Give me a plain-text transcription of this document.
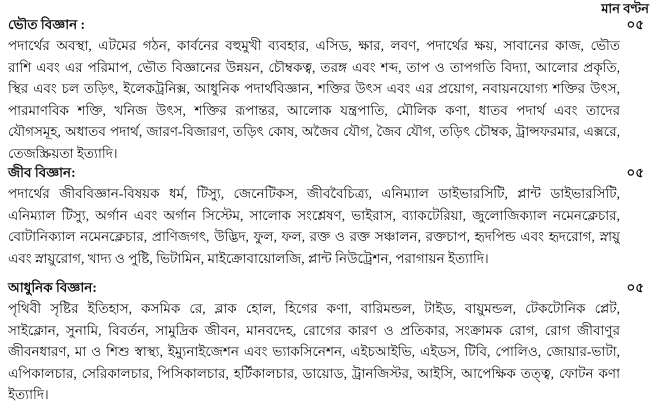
মান বণ্টন
ভৌত বিজ্ঞান :	০৫
পদার্থের অবস্থা, এটমের গঠন, কার্বনের বহুমুখী ব্যবহার, এসিড, ক্ষার, লবণ, পদার্থের ক্ষয়, সাবানের কাজ, ভৌত
রাশি এবং এর পরিমাপ, ভৌত বিজ্ঞানের উন্নয়ন, চৌম্বকত্ব, তরঙ্গ এবং শব্দ, তাপ ও তাপগতি বিদ্যা, আলোর প্রকৃতি,
স্থির এবং চল তড়িৎ, ইলেকট্রনিক্স, আধুনিক পদার্থবিজ্ঞান, শক্তির উৎস এবং এর প্রয়োগ, নবায়নযোগ্য শক্তির উৎস,
পারমাণবিক শক্তি, খনিজ উৎস, শক্তির রূপান্তর, আলোক যন্ত্রপাতি, মৌলিক কণা, ধাতব পদার্থ এবং তাদের
যৌগসমূহ, অধাতব পদার্থ, জারণ-বিজারণ, তড়িৎ কোষ, অজৈব যৌগ, জৈব যৌগ, তড়িৎ চৌম্বক, ট্রান্সফরমার, এক্সরে,
তেজস্ক্রিয়তা ইত্যাদি।
জীব বিজ্ঞান:	০৫
পদার্থের জীববিজ্ঞান-বিষয়ক ধর্ম, টিস্যু, জেনেটিকস, জীববৈচিত্র্য, এনিম্যাল ডাইভারসিটি, প্লান্ট ডাইভারসিটি,
এনিম্যাল টিস্যু, অর্গান এবং অর্গান সিস্টেম, সালোক সংশ্লেষণ, ভাইরাস, ব্যাকটেরিয়া, জুলোজিক্যাল নমেনক্লেচার,
বোটানিক্যাল নমেনক্লেচার, প্রাণিজগৎ, উদ্ভিদ, ফুল, ফল, রক্ত ও রক্ত সঞ্চালন, রক্তচাপ, হৃদপিন্ড এবং হৃদরোগ, স্নায়ু
এবং স্নায়ুরোগ, খাদ্য ও পুষ্টি, ভিটামিন, মাইক্রোবায়োলজি, প্লান্ট নিউট্রেশন, পরাগায়ন ইত্যাদি।
আধুনিক বিজ্ঞান:	০৫
পৃথিবী সৃষ্টির ইতিহাস, কসমিক রে, ব্লাক হোল, হিগের কণা, বারিমন্ডল, টাইড, বায়ুমন্ডল, টেকটোনিক প্লেট,
সাইক্লোন, সুনামি, বিবর্তন, সামুদ্রিক জীবন, মানবদেহ, রোগের কারণ ও প্রতিকার, সংক্রামক রোগ, রোগ জীবাণুর
জীবনধারণ, মা ও শিশু স্বাস্থ্য, ইম্যুনাইজেশন এবং ভ্যাকসিনেশন, এইচআইভি, এইডস, টিবি, পোলিও, জোয়ার-ভাটা,
এপিকালচার, সেরিকালচার, পিসিকালচার, হর্টিকালচার, ডায়োড, ট্রানজিস্টর, আইসি, আপেক্ষিক তত্ত্ব, ফোটন কণা
ইত্যাদি।
